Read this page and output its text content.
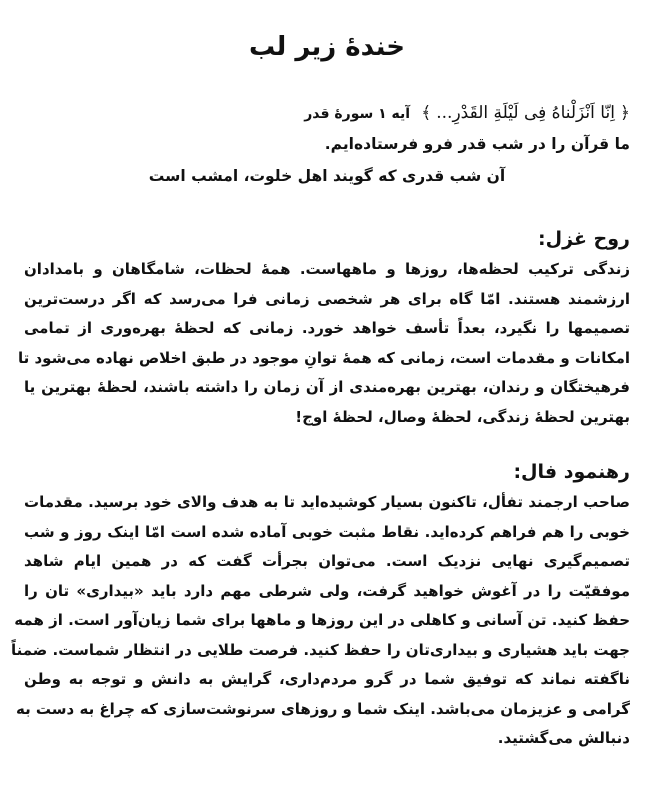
خندهٔ زیر لب
﴿ اِنّا اَنْزَلْناهُ فِی لَیْلَةِ القَدْرِ... ﴾ آیه ۱ سورهٔ قدر
ما قرآن را در شب قدر فرو فرستاده‌ایم.
آن شب قدری که گویند اهل خلوت، امشب است
روح غزل:
زندگی ترکیب لحظه‌ها، روزها و ماههاست. همهٔ لحظات، شامگاهان و بامدادان
ارزشمند هستند. امّا گاه برای هر شخصی زمانی فرا می‌رسد که اگر درست‌ترین
تصمیمها را نگیرد، بعداً تأسف خواهد خورد. زمانی که لحظهٔ بهره‌وری از تمامی
امکانات و مقدمات است، زمانی که همهٔ توانِ موجود در طبق اخلاص نهاده می‌شود تا
فرهیختگان و رندان، بهترین بهره‌مندی از آن زمان را داشته باشند، لحظهٔ بهترین یا
بهترین لحظهٔ زندگی، لحظهٔ وصال، لحظهٔ اوج!
رهنمود فال:
صاحب ارجمند تفأل، تاکنون بسیار کوشیده‌اید تا به هدف والای خود برسید. مقدمات
خوبی را هم فراهم کرده‌اید. نقاط مثبت خوبی آماده شده است امّا اینک روز و شب
تصمیم‌گیری نهایی نزدیک است. می‌توان بجرأت گفت که در همین ایام شاهد
موفقیّت را در آغوش خواهید گرفت، ولی شرطی مهم دارد باید «بیداری» تان را
حفظ کنید. تن آسانی و کاهلی در این روزها و ماهها برای شما زیان‌آور است. از همه
جهت باید هشیاری و بیداری‌تان را حفظ کنید. فرصت طلایی در انتظار شماست. ضمناً
ناگفته نماند که توفیق شما در گرو مردم‌داری، گرایش به دانش و توجه به وطن
گرامی و عزیزمان می‌باشد. اینک شما و روزهای سرنوشت‌سازی که چراغ به دست به
دنبالش می‌گشتید.
